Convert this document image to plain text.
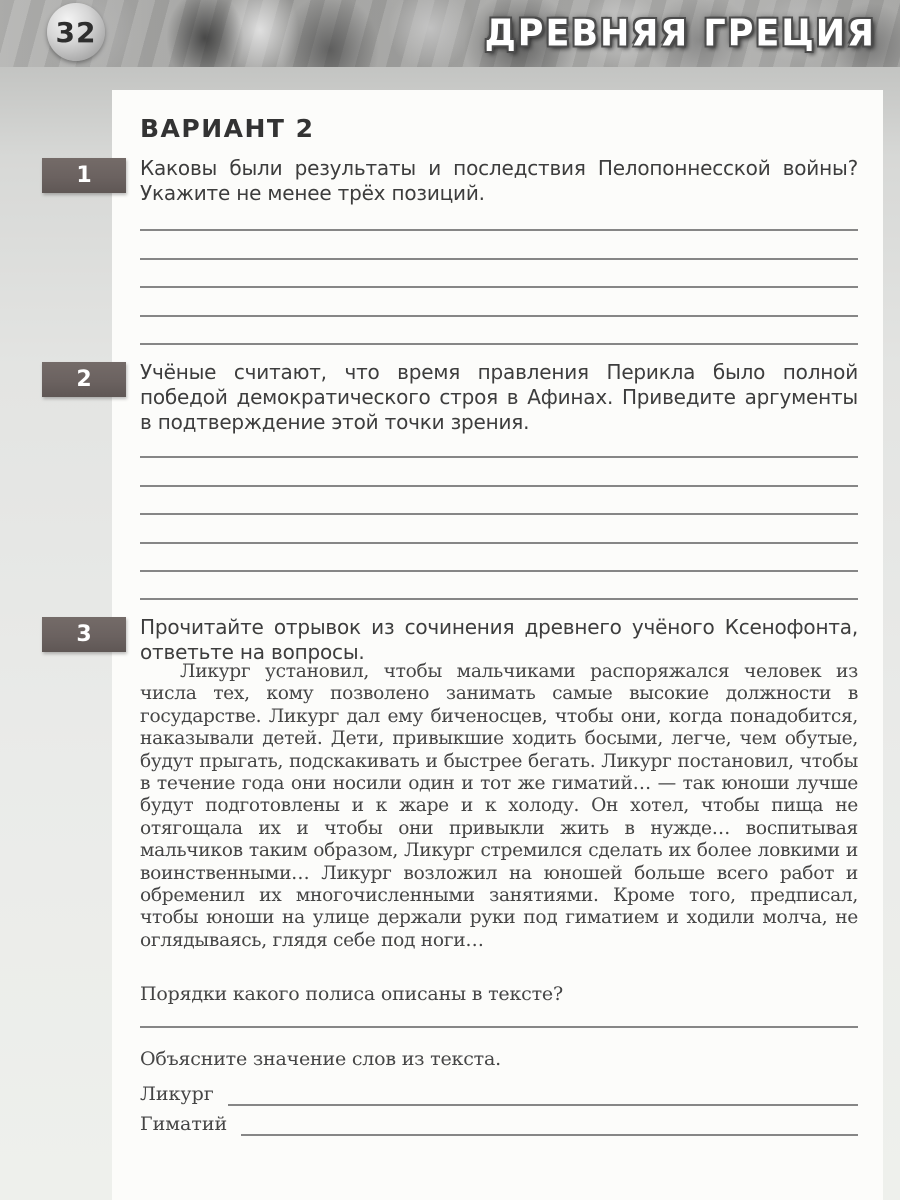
32	ДРЕВНЯЯ ГРЕЦИЯ
ВАРИАНТ 2
1 Каковы были результаты и последствия Пелопоннесской войны? Укажите не менее трёх позиций.
2 Учёные считают, что время правления Перикла было полной победой демократического строя в Афинах. Приведите аргументы в подтверждение этой точки зрения.
3 Прочитайте отрывок из сочинения древнего учёного Ксенофонта, ответьте на вопросы.

Ликург установил, чтобы мальчиками распоряжался человек из числа тех, кому позволено занимать самые высокие должности в государстве. Ликург дал ему биченосцев, чтобы они, когда понадобится, наказывали детей. Дети, привыкшие ходить босыми, легче, чем обутые, будут прыгать, подскакивать и быстрее бегать. Ликург постановил, чтобы в течение года они носили один и тот же гиматий… — так юноши лучше будут подготовлены и к жаре и к холоду. Он хотел, чтобы пища не отягощала их и чтобы они привыкли жить в нужде… воспитывая мальчиков таким образом, Ликург стремился сделать их более ловкими и воинственными… Ликург возложил на юношей больше всего работ и обременил их многочисленными занятиями. Кроме того, предписал, чтобы юноши на улице держали руки под гиматием и ходили молча, не оглядываясь, глядя себе под ноги…

Порядки какого полиса описаны в тексте?
Объясните значение слов из текста.
Ликург
Гиматий
